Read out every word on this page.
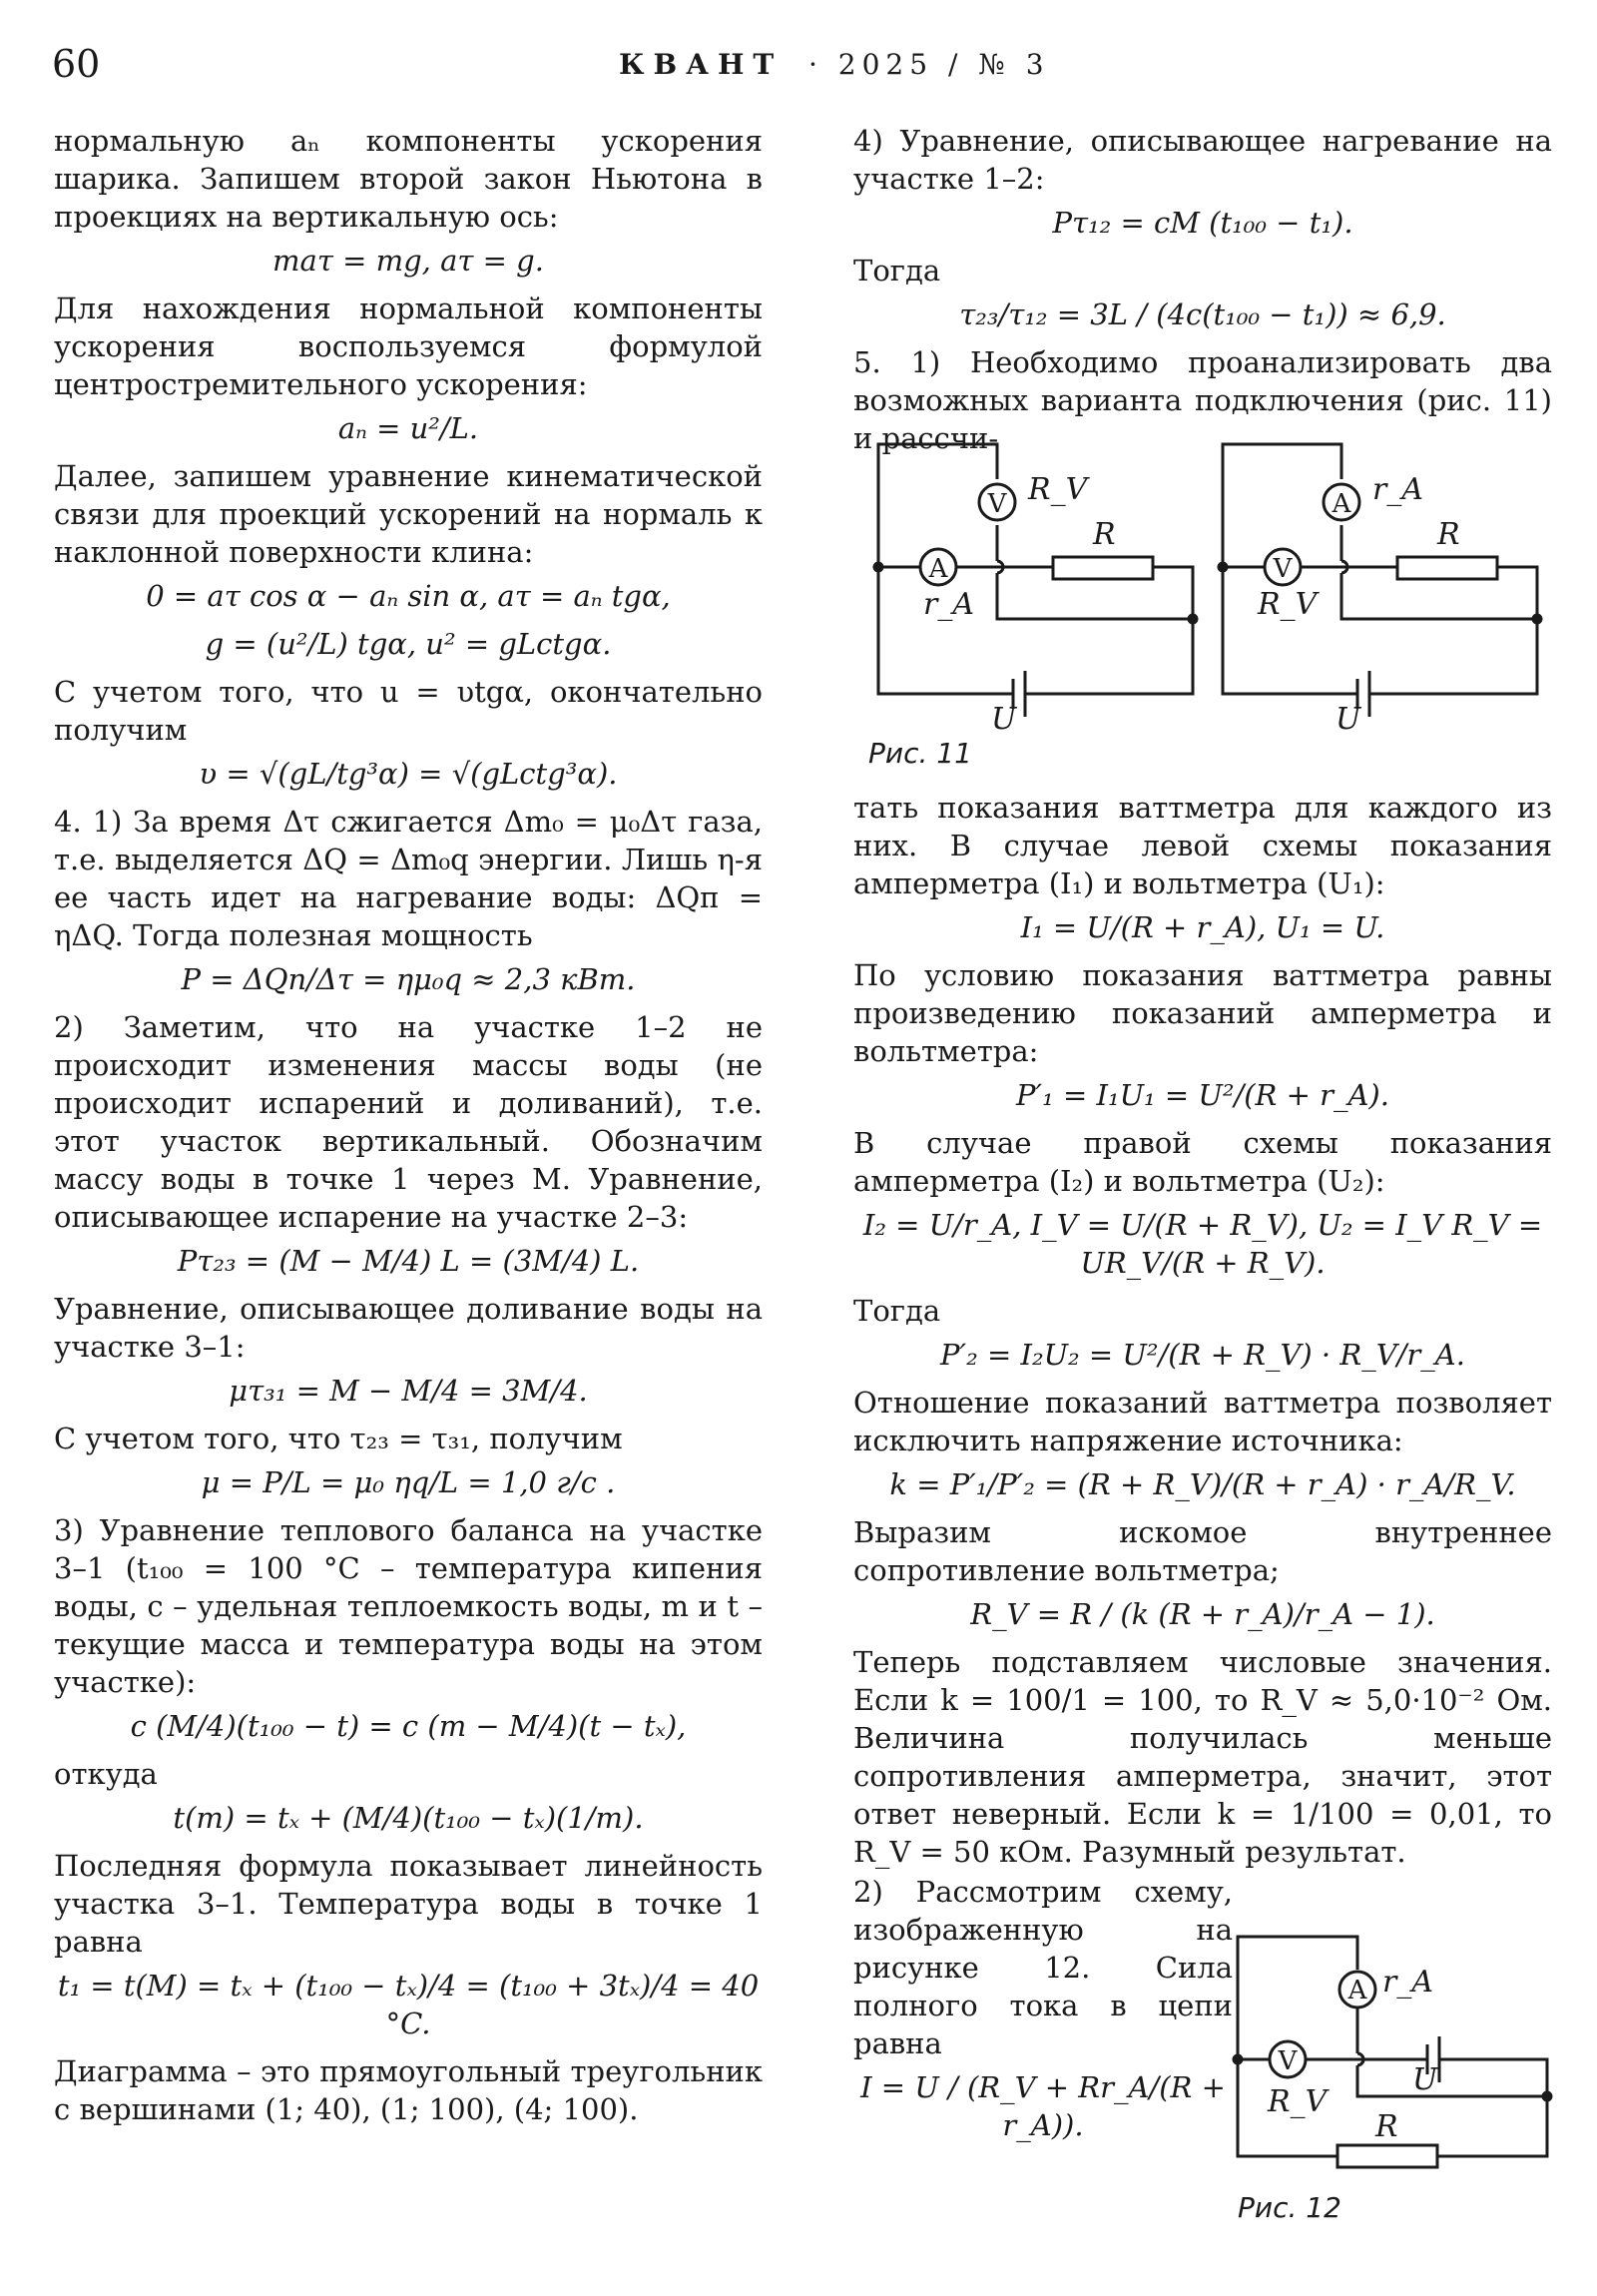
60	КВАНТ · 2025 / № 3

нормальную aₙ компоненты ускорения шарика. Запишем второй закон Ньютона в проекциях на вертикальную ось:

maτ = mg, aτ = g.

Для нахождения нормальной компоненты ускорения воспользуемся формулой центростремительного ускорения:

aₙ = u²/L.

Далее, запишем уравнение кинематической связи для проекций ускорений на нормаль к наклонной поверхности клина:

0 = aτ cos α − aₙ sin α, aτ = aₙ tgα,
g = (u²/L) tgα, u² = gLctgα.

С учетом того, что u = υtgα, окончательно получим

υ = √(gL/tg³α) = √(gLctg³α).

4. 1) За время Δτ сжигается Δm₀ = μ₀Δτ газа, т.е. выделяется ΔQ = Δm₀q энергии. Лишь η-я ее часть идет на нагревание воды: ΔQп = ηΔQ. Тогда полезная мощность

P = ΔQп/Δτ = ημ₀q ≈ 2,3 кВт.

2) Заметим, что на участке 1–2 не происходит изменения массы воды (не происходит испарений и доливаний), т.е. этот участок вертикальный. Обозначим массу воды в точке 1 через M. Уравнение, описывающее испарение на участке 2–3:

Pτ₂₃ = (M − M/4) L = (3M/4) L.

Уравнение, описывающее доливание воды на участке 3–1:

μτ₃₁ = M − M/4 = 3M/4.

С учетом того, что τ₂₃ = τ₃₁, получим

μ = P/L = μ₀ ηq/L = 1,0 г/с .

3) Уравнение теплового баланса на участке 3–1 (t₁₀₀ = 100 °C – температура кипения воды, c – удельная теплоемкость воды, m и t – текущие масса и температура воды на этом участке):

c (M/4)(t₁₀₀ − t) = c (m − M/4)(t − tₓ),

откуда

t(m) = tₓ + (M/4)(t₁₀₀ − tₓ)(1/m).

Последняя формула показывает линейность участка 3–1. Температура воды в точке 1 равна

t₁ = t(M) = tₓ + (t₁₀₀ − tₓ)/4 = (t₁₀₀ + 3tₓ)/4 = 40 °C.

Диаграмма – это прямоугольный треугольник с вершинами (1; 40), (1; 100), (4; 100).

4) Уравнение, описывающее нагревание на участке 1–2:

Pτ₁₂ = cM (t₁₀₀ − t₁).

Тогда

τ₂₃/τ₁₂ = 3L / (4c(t₁₀₀ − t₁)) ≈ 6,9.

5. 1) Необходимо проанализировать два возможных варианта подключения (рис. 11) и рассчи-

V
A
R_V
R
r_A
U
A
V
r_A
R
R_V
U
Рис. 11

тать показания ваттметра для каждого из них. В случае левой схемы показания амперметра (I₁) и вольтметра (U₁):

I₁ = U/(R + r_A), U₁ = U.

По условию показания ваттметра равны произведению показаний амперметра и вольтметра:

P′₁ = I₁U₁ = U²/(R + r_A).

В случае правой схемы показания амперметра (I₂) и вольтметра (U₂):

I₂ = U/r_A, I_V = U/(R + R_V), U₂ = I_V R_V = UR_V/(R + R_V).

Тогда

P′₂ = I₂U₂ = U²/(R + R_V) · R_V/r_A.

Отношение показаний ваттметра позволяет исключить напряжение источника:

k = P′₁/P′₂ = (R + R_V)/(R + r_A) · r_A/R_V.

Выразим искомое внутреннее сопротивление вольтметра;

R_V = R / (k (R + r_A)/r_A − 1).

Теперь подставляем числовые значения. Если k = 100/1 = 100, то R_V ≈ 5,0·10⁻² Ом. Величина получилась меньше сопротивления амперметра, значит, этот ответ неверный. Если k = 1/100 = 0,01, то R_V = 50 кОм. Разумный результат.

2) Рассмотрим схему, изображенную на рисунке 12. Сила полного тока в цепи равна

I = U / (R_V + Rr_A/(R + r_A)).
A
V
r_A
R_V
U
R
Рис. 12
